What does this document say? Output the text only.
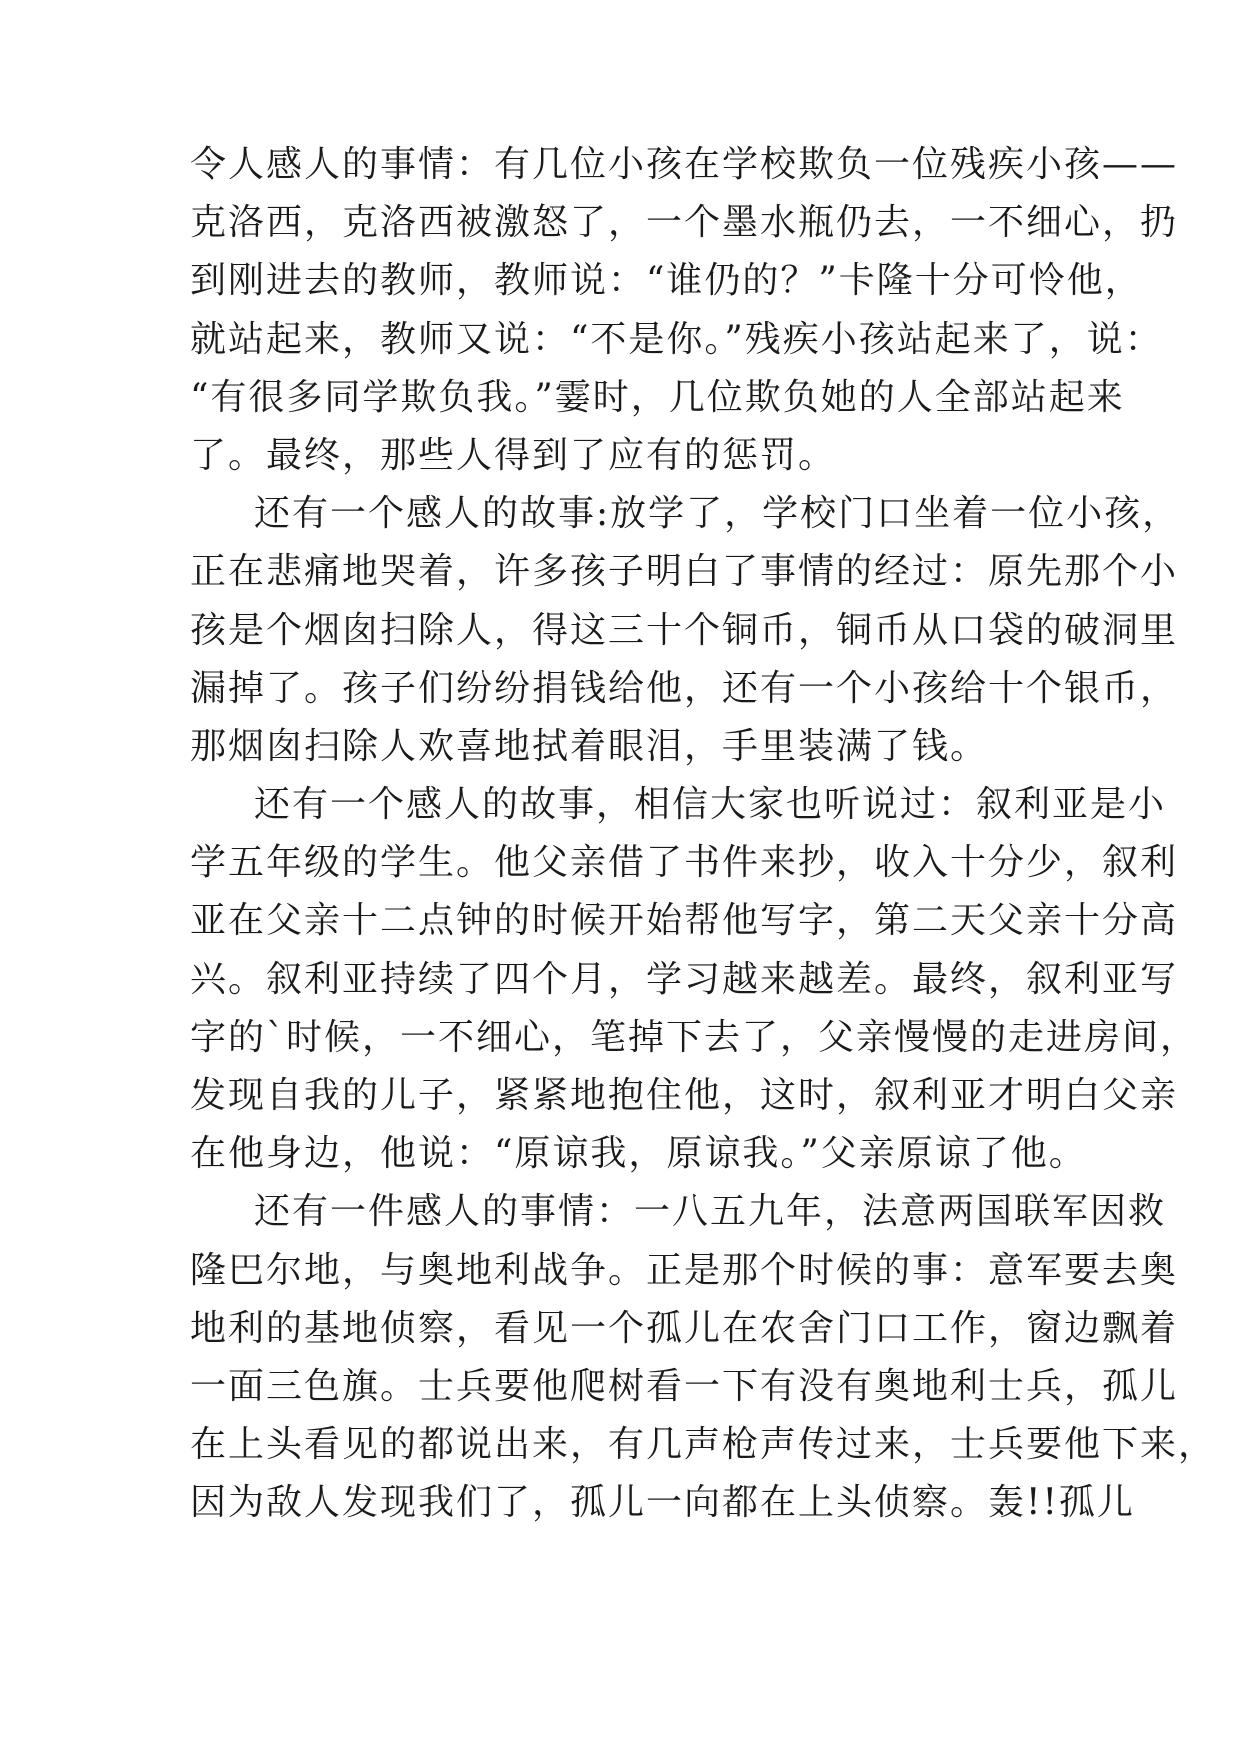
令人感人的事情：有几位小孩在学校欺负一位残疾小孩——
克洛西，克洛西被激怒了，一个墨水瓶仍去，一不细心，扔
到刚进去的教师，教师说：“谁仍的？”卡隆十分可怜他，
就站起来，教师又说：“不是你。”残疾小孩站起来了，说：
“有很多同学欺负我。”霎时，几位欺负她的人全部站起来
了。最终，那些人得到了应有的惩罚。
还有一个感人的故事:放学了，学校门口坐着一位小孩，
正在悲痛地哭着，许多孩子明白了事情的经过：原先那个小
孩是个烟囱扫除人，得这三十个铜币，铜币从口袋的破洞里
漏掉了。孩子们纷纷捐钱给他，还有一个小孩给十个银币，
那烟囱扫除人欢喜地拭着眼泪，手里装满了钱。
还有一个感人的故事，相信大家也听说过：叙利亚是小
学五年级的学生。他父亲借了书件来抄，收入十分少，叙利
亚在父亲十二点钟的时候开始帮他写字，第二天父亲十分高
兴。叙利亚持续了四个月，学习越来越差。最终，叙利亚写
字的`时候，一不细心，笔掉下去了，父亲慢慢的走进房间，
发现自我的儿子，紧紧地抱住他，这时，叙利亚才明白父亲
在他身边，他说：“原谅我，原谅我。”父亲原谅了他。
还有一件感人的事情：一八五九年，法意两国联军因救
隆巴尔地，与奥地利战争。正是那个时候的事：意军要去奥
地利的基地侦察，看见一个孤儿在农舍门口工作，窗边飘着
一面三色旗。士兵要他爬树看一下有没有奥地利士兵，孤儿
在上头看见的都说出来，有几声枪声传过来，士兵要他下来，
因为敌人发现我们了，孤儿一向都在上头侦察。轰!!孤儿
